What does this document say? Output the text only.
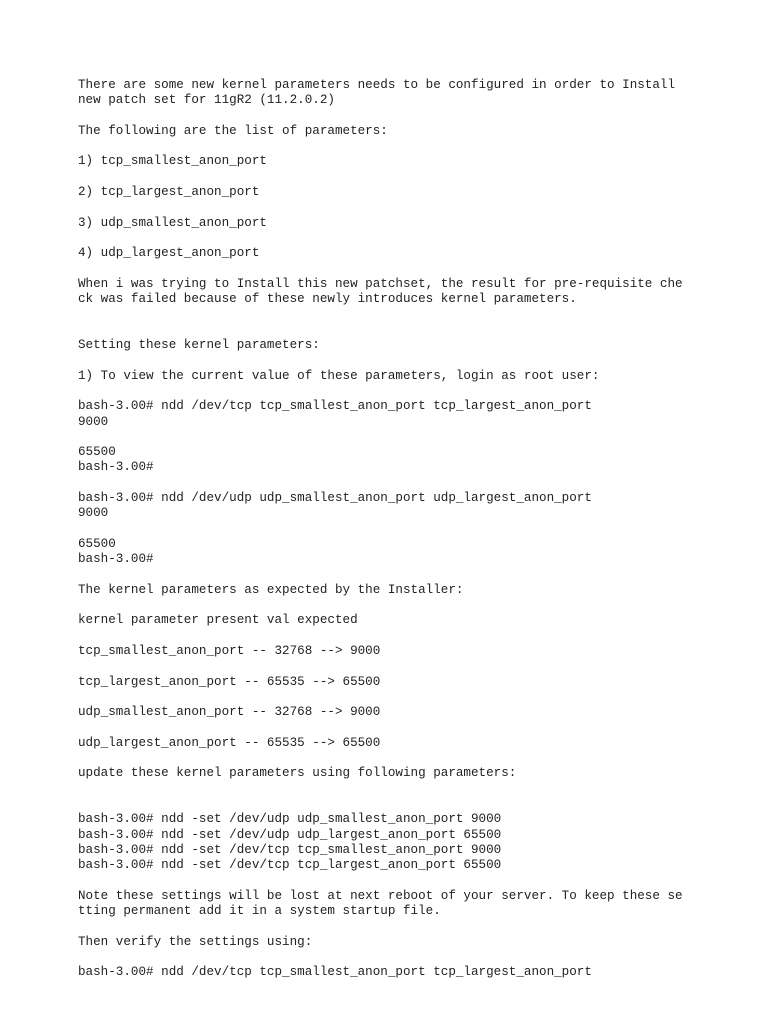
There are some new kernel parameters needs to be configured in order to Install
new patch set for 11gR2 (11.2.0.2)
The following are the list of parameters:
1) tcp_smallest_anon_port
2) tcp_largest_anon_port
3) udp_smallest_anon_port
4) udp_largest_anon_port
When i was trying to Install this new patchset, the result for pre-requisite che
ck was failed because of these newly introduces kernel parameters.
Setting these kernel parameters:
1) To view the current value of these parameters, login as root user:
bash-3.00# ndd /dev/tcp tcp_smallest_anon_port tcp_largest_anon_port
9000
65500
bash-3.00#
bash-3.00# ndd /dev/udp udp_smallest_anon_port udp_largest_anon_port
9000
65500
bash-3.00#
The kernel parameters as expected by the Installer:
kernel parameter present val expected
tcp_smallest_anon_port -- 32768 --> 9000
tcp_largest_anon_port -- 65535 --> 65500
udp_smallest_anon_port -- 32768 --> 9000
udp_largest_anon_port -- 65535 --> 65500
update these kernel parameters using following parameters:
bash-3.00# ndd -set /dev/udp udp_smallest_anon_port 9000
bash-3.00# ndd -set /dev/udp udp_largest_anon_port 65500
bash-3.00# ndd -set /dev/tcp tcp_smallest_anon_port 9000
bash-3.00# ndd -set /dev/tcp tcp_largest_anon_port 65500
Note these settings will be lost at next reboot of your server. To keep these se
tting permanent add it in a system startup file.
Then verify the settings using:
bash-3.00# ndd /dev/tcp tcp_smallest_anon_port tcp_largest_anon_port
